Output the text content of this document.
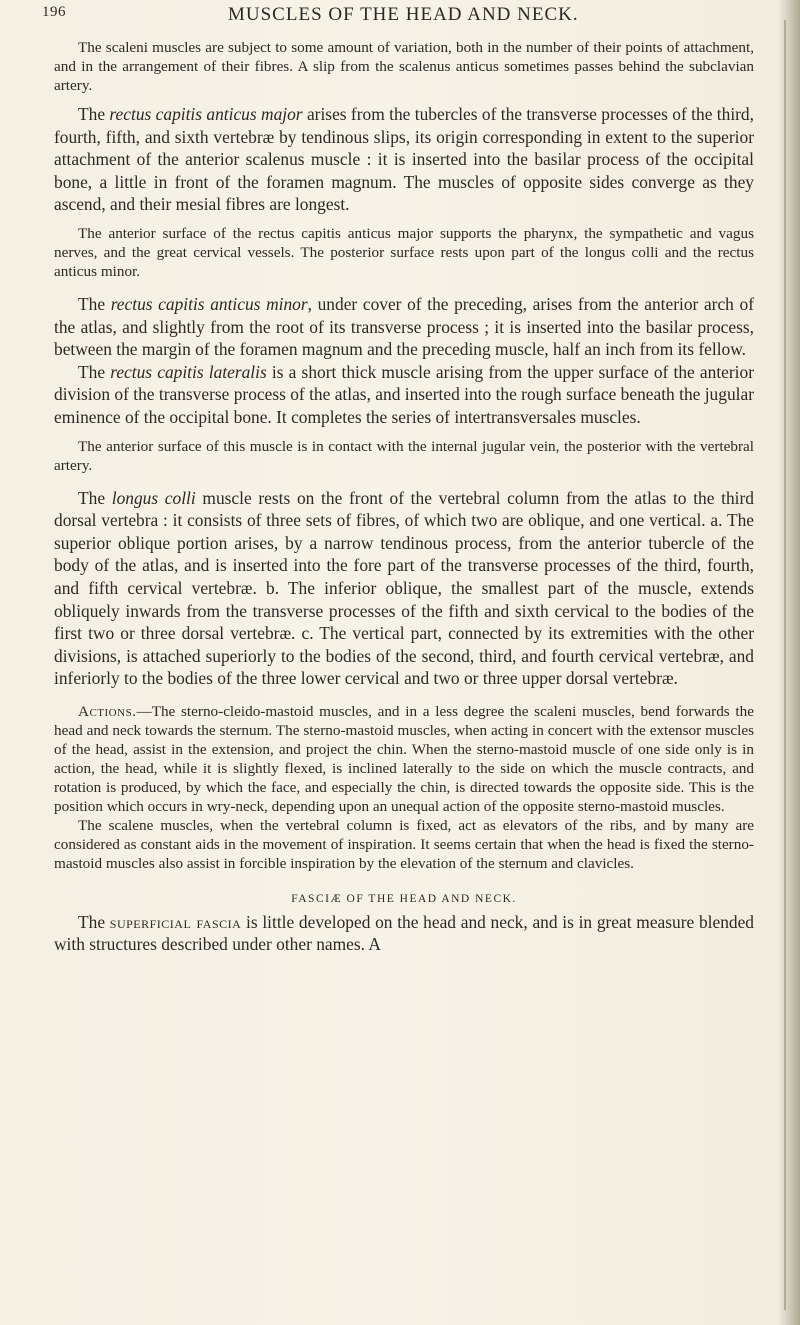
196	MUSCLES OF THE HEAD AND NECK.

The scaleni muscles are subject to some amount of variation, both in the number of their points of attachment, and in the arrangement of their fibres. A slip from the scalenus anticus sometimes passes behind the subclavian artery.

The rectus capitis anticus major arises from the tubercles of the transverse processes of the third, fourth, fifth, and sixth vertebræ by tendinous slips, its origin corresponding in extent to the superior attachment of the anterior scalenus muscle : it is inserted into the basilar process of the occipital bone, a little in front of the foramen magnum. The muscles of opposite sides converge as they ascend, and their mesial fibres are longest.

The anterior surface of the rectus capitis anticus major supports the pharynx, the sympathetic and vagus nerves, and the great cervical vessels. The posterior surface rests upon part of the longus colli and the rectus anticus minor.

The rectus capitis anticus minor, under cover of the preceding, arises from the anterior arch of the atlas, and slightly from the root of its transverse process ; it is inserted into the basilar process, between the margin of the foramen magnum and the preceding muscle, half an inch from its fellow.

The rectus capitis lateralis is a short thick muscle arising from the upper surface of the anterior division of the transverse process of the atlas, and inserted into the rough surface beneath the jugular eminence of the occipital bone. It completes the series of intertransversales muscles.

The anterior surface of this muscle is in contact with the internal jugular vein, the posterior with the vertebral artery.

The longus colli muscle rests on the front of the vertebral column from the atlas to the third dorsal vertebra : it consists of three sets of fibres, of which two are oblique, and one vertical. a. The superior oblique portion arises, by a narrow tendinous process, from the anterior tubercle of the body of the atlas, and is inserted into the fore part of the transverse processes of the third, fourth, and fifth cervical vertebræ. b. The inferior oblique, the smallest part of the muscle, extends obliquely inwards from the transverse processes of the fifth and sixth cervical to the bodies of the first two or three dorsal vertebræ. c. The vertical part, connected by its extremities with the other divisions, is attached superiorly to the bodies of the second, third, and fourth cervical vertebræ, and inferiorly to the bodies of the three lower cervical and two or three upper dorsal vertebræ.

Actions.—The sterno-cleido-mastoid muscles, and in a less degree the scaleni muscles, bend forwards the head and neck towards the sternum. The sterno-mastoid muscles, when acting in concert with the extensor muscles of the head, assist in the extension, and project the chin. When the sterno-mastoid muscle of one side only is in action, the head, while it is slightly flexed, is inclined laterally to the side on which the muscle contracts, and rotation is produced, by which the face, and especially the chin, is directed towards the opposite side. This is the position which occurs in wry-neck, depending upon an unequal action of the opposite sterno-mastoid muscles.

The scalene muscles, when the vertebral column is fixed, act as elevators of the ribs, and by many are considered as constant aids in the movement of inspiration. It seems certain that when the head is fixed the sterno-mastoid muscles also assist in forcible inspiration by the elevation of the sternum and clavicles.

FASCIÆ OF THE HEAD AND NECK.

The superficial fascia is little developed on the head and neck, and is in great measure blended with structures described under other names. A
